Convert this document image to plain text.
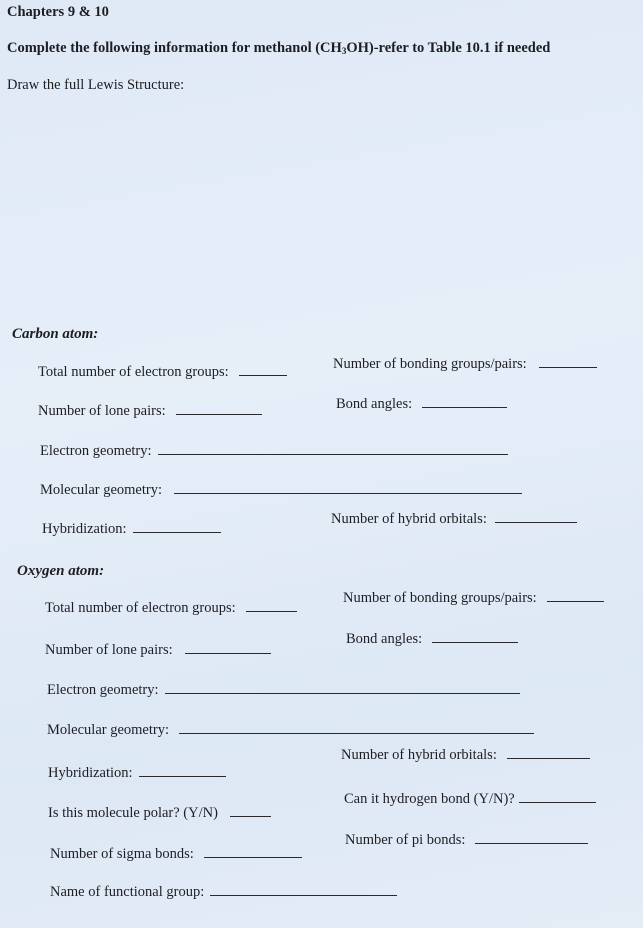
Chapters 9 & 10
Complete the following information for methanol $(CH_3OH)$-refer to Table 10.1 if needed
Draw the full Lewis Structure:
Carbon atom:
Total number of electron groups:	Number of bonding groups/pairs:
Number of lone pairs:	Bond angles:
Electron geometry:
Molecular geometry:
Hybridization:
Number of hybrid orbitals:
Oxygen atom:
Total number of electron groups:
Number of bonding groups/pairs:
Number of lone pairs:
Bond angles:
Electron geometry:
Molecular geometry:
Hybridization:
Number of hybrid orbitals:
Is this molecule polar? (Y/N)
Can it hydrogen bond (Y/N)?
Number of sigma bonds:
Number of pi bonds:
Name of functional group:
